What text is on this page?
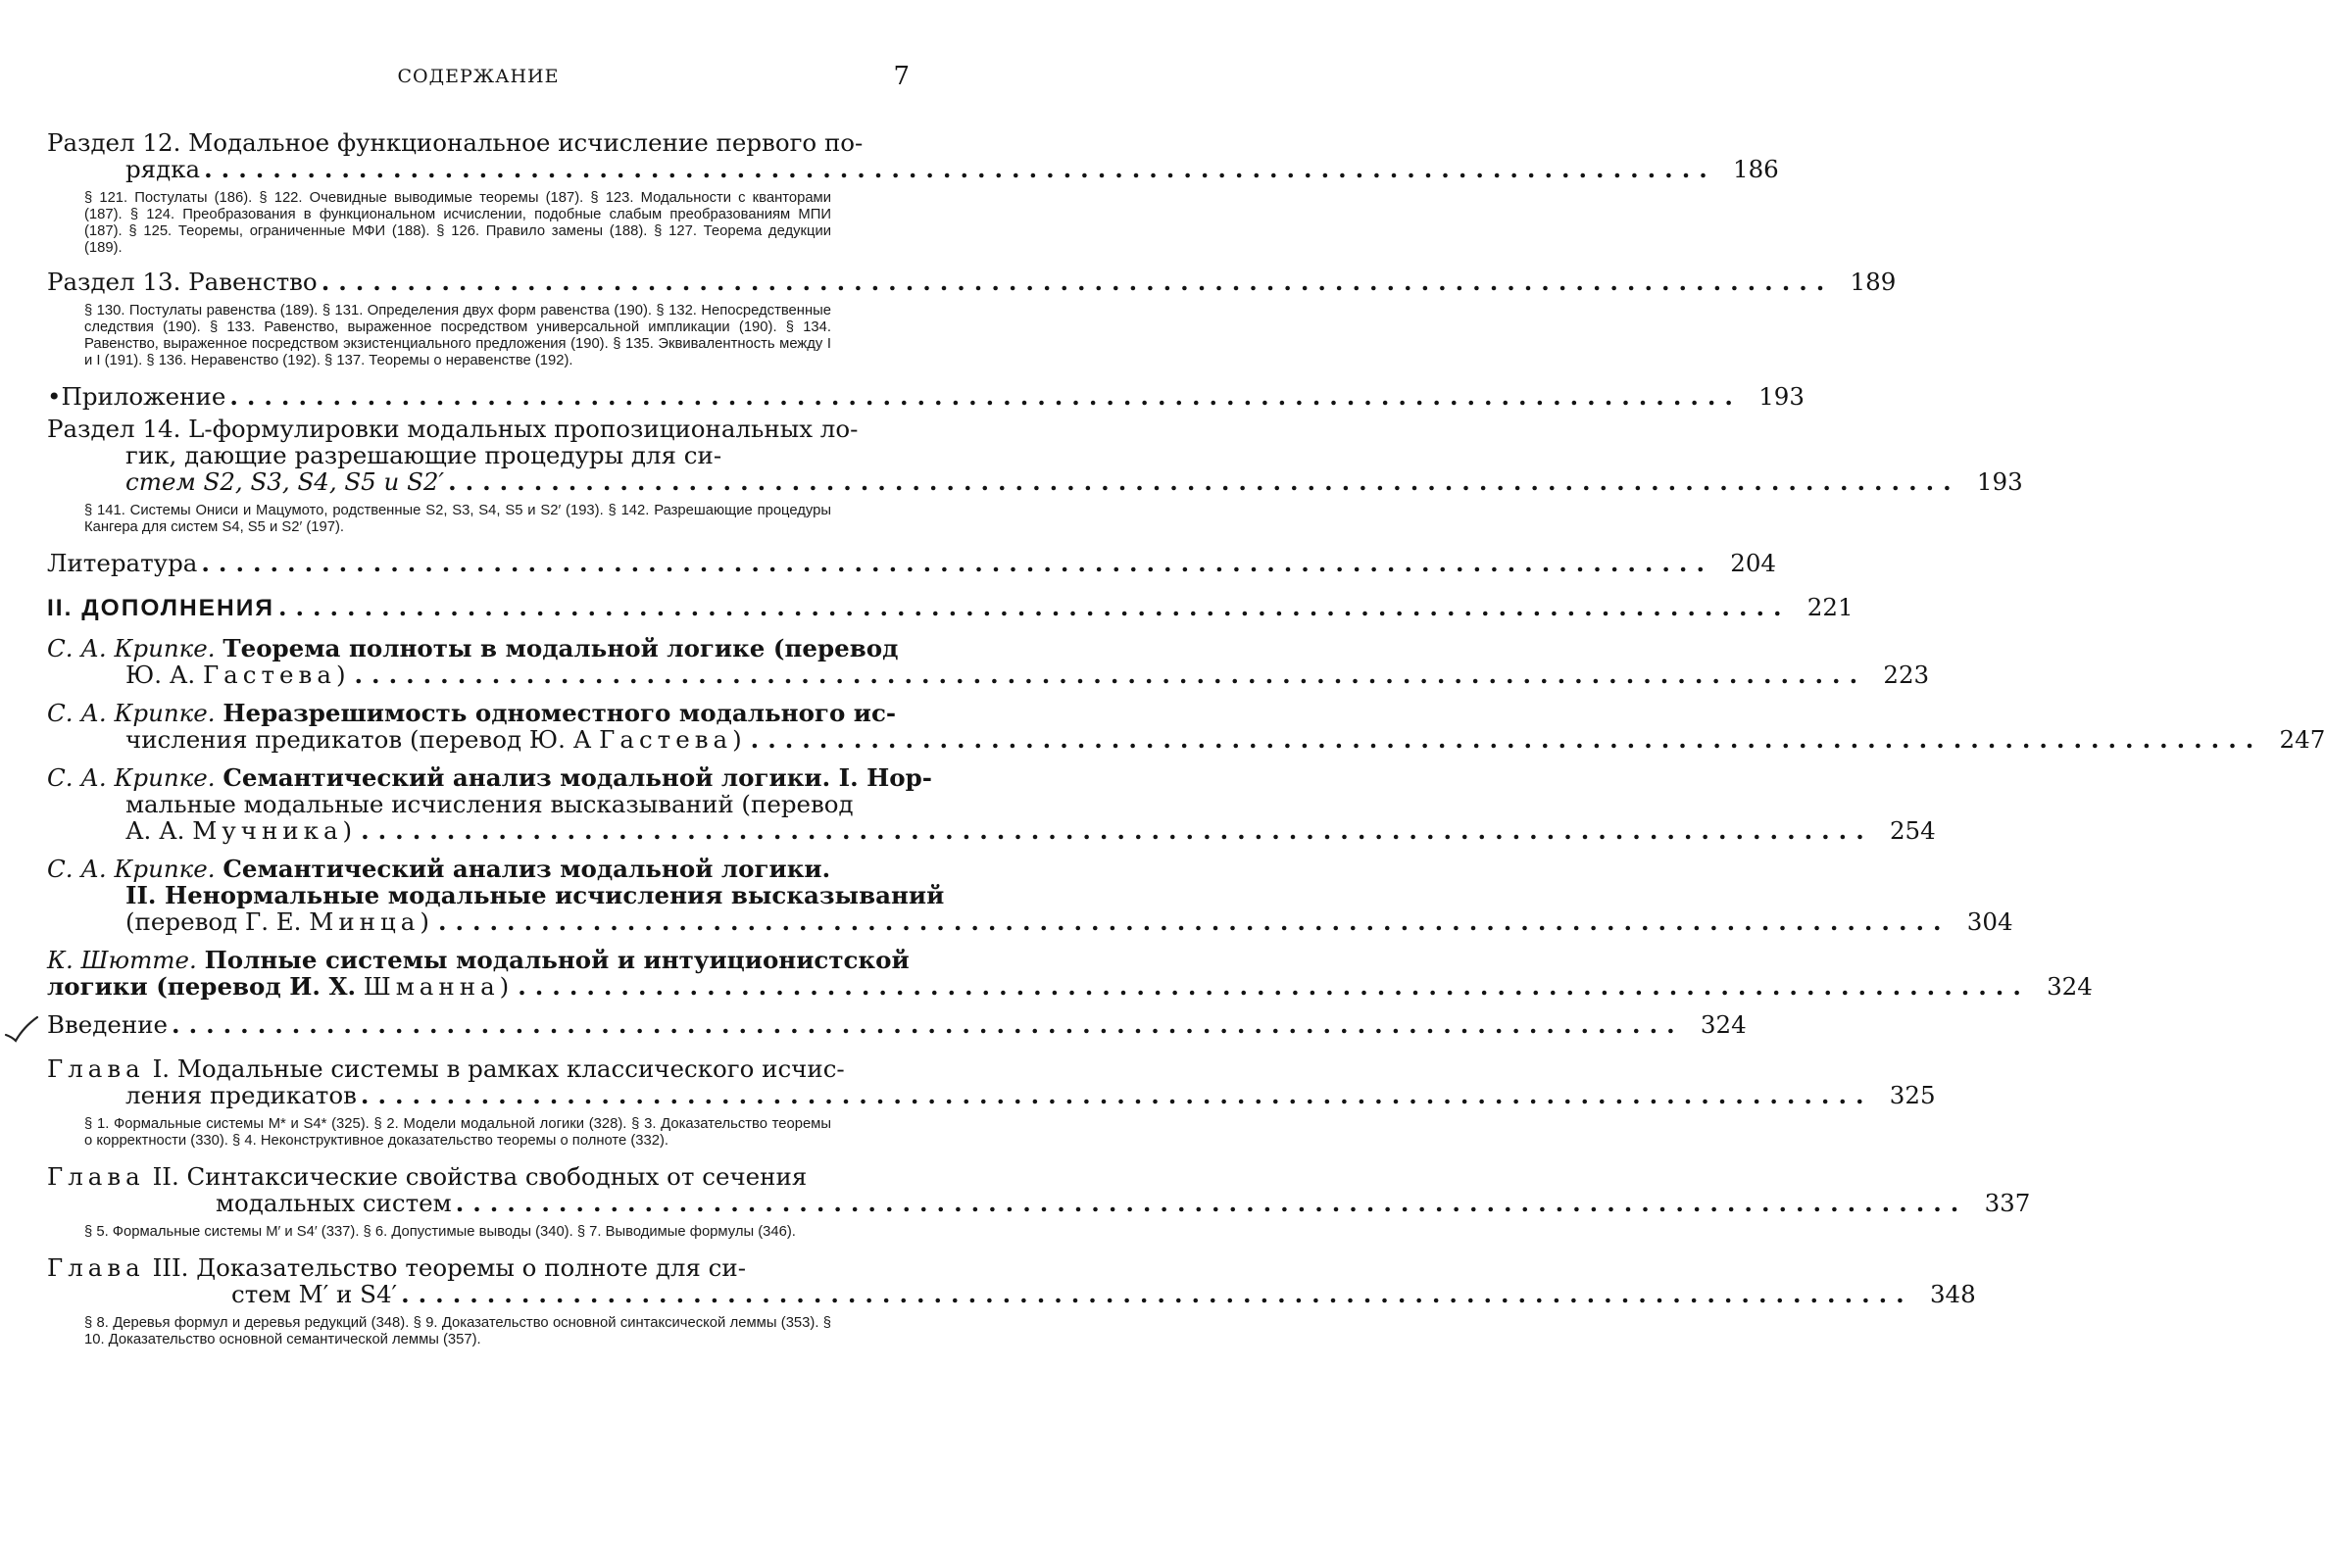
СОДЕРЖАНИЕ	7
Раздел 12. Модальное функциональное исчисление первого по-
рядка ........................................................................................ 186
§ 121. Постулаты (186). § 122. Очевидные выводимые теоремы (187). § 123. Модальности с кванторами (187). § 124. Преобразования в функциональном исчислении, подобные слабым преобразованиям МПИ (187). § 125. Теоремы, ограниченные МФИ (188). § 126. Правило замены (188). § 127. Теорема дедукции (189).
Раздел 13. Равенство ........................................................................................ 189
§ 130. Постулаты равенства (189). § 131. Определения двух форм равенства (190). § 132. Непосредственные следствия (190). § 133. Равенство, выраженное посредством универсальной импликации (190). § 134. Равенство, выраженное посредством экзистенциального предложения (190). § 135. Эквивалентность между I и I (191). § 136. Неравенство (192). § 137. Теоремы о неравенстве (192).
•Приложение ........................................................................................ 193
Раздел 14. L-формулировки модальных пропозициональных ло-
гик, дающие разрешающие процедуры для си-
стем S2, S3, S4, S5 и S2′ ........................................................................................ 193
§ 141. Системы Ониси и Мацумото, родственные S2, S3, S4, S5 и S2′ (193). § 142. Разрешающие процедуры Кангера для систем S4, S5 и S2′ (197).
Литература ........................................................................................ 204
II. ДОПОЛНЕНИЯ ........................................................................................ 221
С. А. Крипке. Теорема полноты в модальной логике (перевод
Ю. А. Гастева) ........................................................................................ 223
С. А. Крипке. Неразрешимость одноместного модального ис-
числения предикатов (перевод Ю. А Гастева) ........................................................................................ 247
С. А. Крипке. Семантический анализ модальной логики. I. Нор-
мальные модальные исчисления высказываний (перевод
А. А. Мучника) ........................................................................................ 254
С. А. Крипке. Семантический анализ модальной логики.
II. Ненормальные модальные исчисления высказываний
(перевод Г. Е. Минца) ........................................................................................ 304
К. Шютте. Полные системы модальной и интуиционистской
логики (перевод И. Х. Шманна) ........................................................................................ 324
Введение ........................................................................................ 324
Глава I. Модальные системы в рамках классического исчис-
ления предикатов ........................................................................................ 325
§ 1. Формальные системы M* и S4* (325). § 2. Модели модальной логики (328). § 3. Доказательство теоремы о корректности (330). § 4. Неконструктивное доказательство теоремы о полноте (332).
Глава II. Синтаксические свойства свободных от сечения
модальных систем ........................................................................................ 337
§ 5. Формальные системы M′ и S4′ (337). § 6. Допустимые выводы (340). § 7. Выводимые формулы (346).
Глава III. Доказательство теоремы о полноте для си-
стем M′ и S4′ ........................................................................................ 348
§ 8. Деревья формул и деревья редукций (348). § 9. Доказательство основной синтаксической леммы (353). § 10. Доказательство основной семантической леммы (357).
